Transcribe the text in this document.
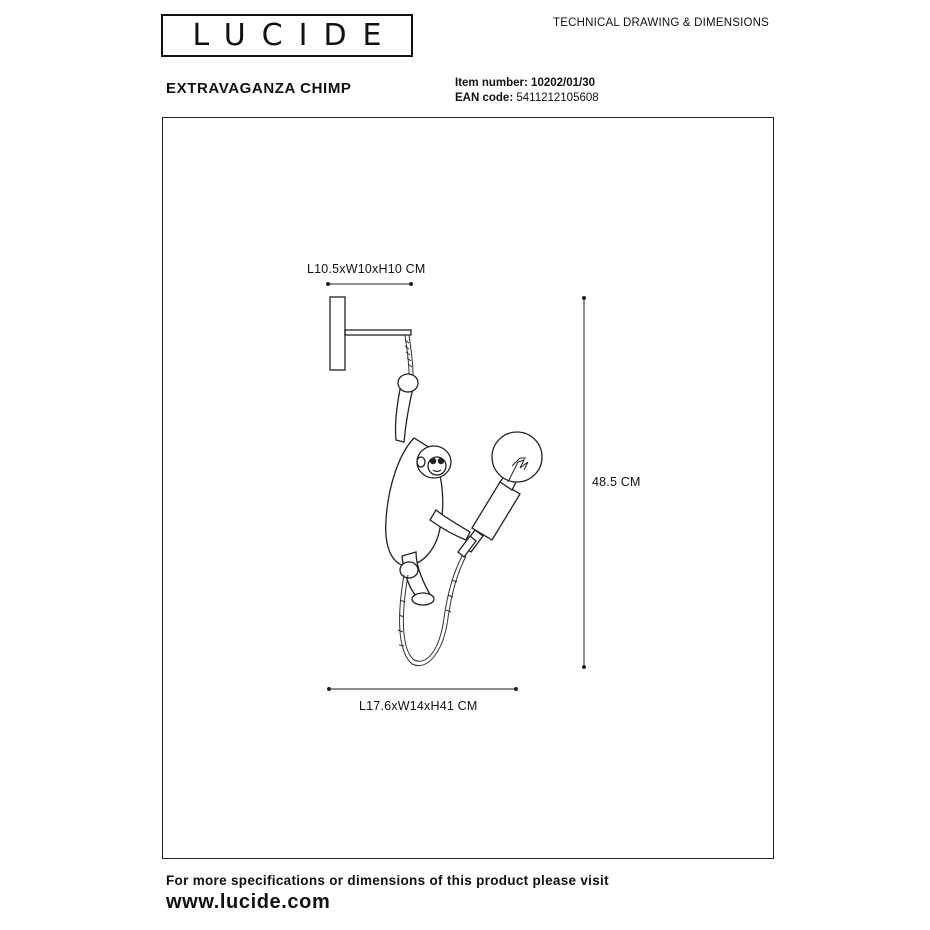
LUCIDE	TECHNICAL DRAWING & DIMENSIONS
EXTRAVAGANZA CHIMP	Item number: 10202/01/30
EAN code: 5411212105608
L10.5xW10xH10 CM
48.5 CM
L17.6xW14xH41 CM
For more specifications or dimensions of this product please visit
www.lucide.com
